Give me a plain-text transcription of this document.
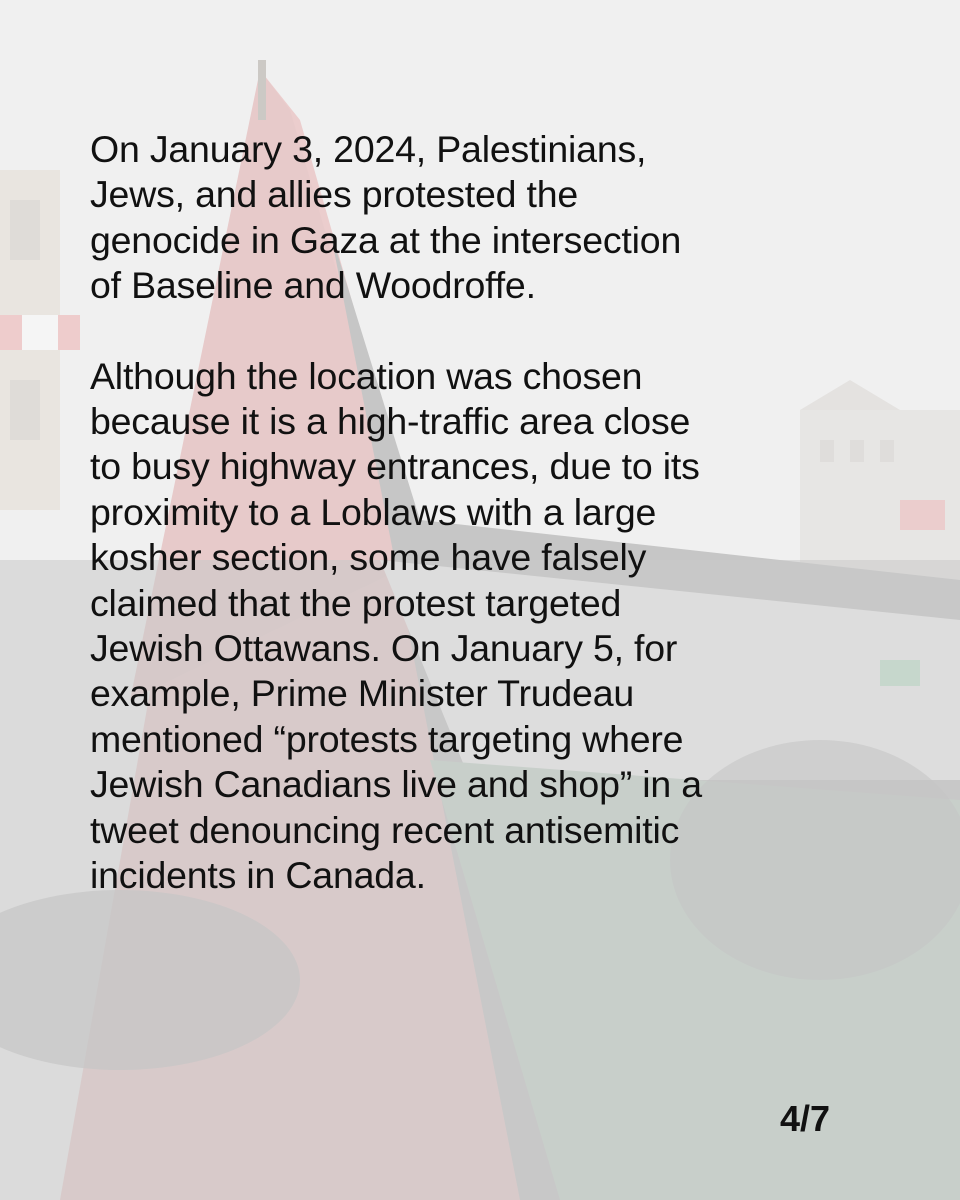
On January 3, 2024, Palestinians,
Jews, and allies protested the
genocide in Gaza at the intersection
of Baseline and Woodroffe.

Although the location was chosen
because it is a high-traffic area close
to busy highway entrances, due to its
proximity to a Loblaws with a large
kosher section, some have falsely
claimed that the protest targeted
Jewish Ottawans. On January 5, for
example, Prime Minister Trudeau
mentioned “protests targeting where
Jewish Canadians live and shop” in a
tweet denouncing recent antisemitic
incidents in Canada.

4/7
